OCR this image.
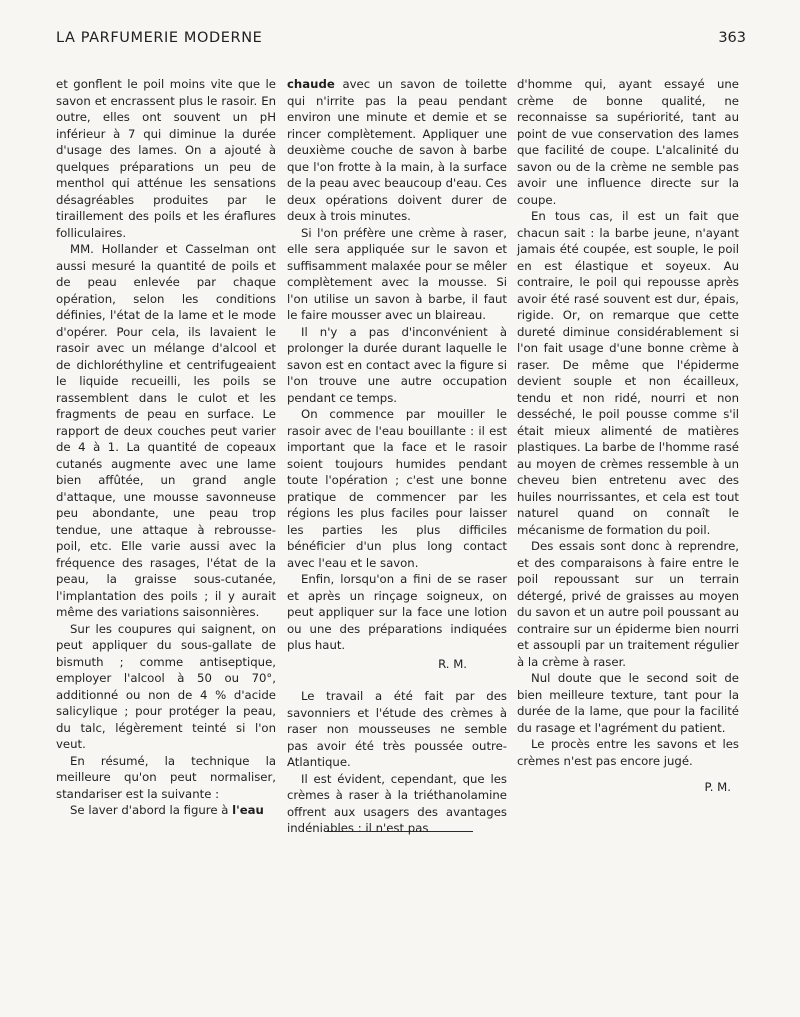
LA PARFUMERIE MODERNE	363

et gonflent le poil moins vite que le savon et encrassent plus le rasoir. En outre, elles ont souvent un pH inférieur à 7 qui diminue la durée d'usage des lames. On a ajouté à quelques préparations un peu de menthol qui atténue les sensations désagréables produites par le tiraillement des poils et les éraflures folliculaires.

MM. Hollander et Casselman ont aussi mesuré la quantité de poils et de peau enlevée par chaque opération, selon les conditions définies, l'état de la lame et le mode d'opérer. Pour cela, ils lavaient le rasoir avec un mélange d'alcool et de dichloréthyline et centrifugeaient le liquide recueilli, les poils se rassemblent dans le culot et les fragments de peau en surface. Le rapport de deux couches peut varier de 4 à 1. La quantité de copeaux cutanés augmente avec une lame bien affûtée, un grand angle d'attaque, une mousse savonneuse peu abondante, une peau trop tendue, une attaque à rebrousse-poil, etc. Elle varie aussi avec la fréquence des rasages, l'état de la peau, la graisse sous-cutanée, l'implantation des poils ; il y aurait même des variations saisonnières.

Sur les coupures qui saignent, on peut appliquer du sous-gallate de bismuth ; comme antiseptique, employer l'alcool à 50 ou 70°, additionné ou non de 4 % d'acide salicylique ; pour protéger la peau, du talc, légèrement teinté si l'on veut.

En résumé, la technique la meilleure qu'on peut normaliser, standariser est la suivante :

Se laver d'abord la figure à l'eau

chaude avec un savon de toilette qui n'irrite pas la peau pendant environ une minute et demie et se rincer complètement. Appliquer une deuxième couche de savon à barbe que l'on frotte à la main, à la surface de la peau avec beaucoup d'eau. Ces deux opérations doivent durer de deux à trois minutes.

Si l'on préfère une crème à raser, elle sera appliquée sur le savon et suffisamment malaxée pour se mêler complètement avec la mousse. Si l'on utilise un savon à barbe, il faut le faire mousser avec un blaireau.

Il n'y a pas d'inconvénient à prolonger la durée durant laquelle le savon est en contact avec la figure si l'on trouve une autre occupation pendant ce temps.

On commence par mouiller le rasoir avec de l'eau bouillante : il est important que la face et le rasoir soient toujours humides pendant toute l'opération ; c'est une bonne pratique de commencer par les régions les plus faciles pour laisser les parties les plus difficiles bénéficier d'un plus long contact avec l'eau et le savon.

Enfin, lorsqu'on a fini de se raser et après un rinçage soigneux, on peut appliquer sur la face une lotion ou une des préparations indiquées plus haut.

R. M.

Le travail a été fait par des savonniers et l'étude des crèmes à raser non mousseuses ne semble pas avoir été très poussée outre-Atlantique.

Il est évident, cependant, que les crèmes à raser à la triéthanolamine offrent aux usagers des avantages indéniables : il n'est pas

d'homme qui, ayant essayé une crème de bonne qualité, ne reconnaisse sa supériorité, tant au point de vue conservation des lames que facilité de coupe. L'alcalinité du savon ou de la crème ne semble pas avoir une influence directe sur la coupe.

En tous cas, il est un fait que chacun sait : la barbe jeune, n'ayant jamais été coupée, est souple, le poil en est élastique et soyeux. Au contraire, le poil qui repousse après avoir été rasé souvent est dur, épais, rigide. Or, on remarque que cette dureté diminue considérablement si l'on fait usage d'une bonne crème à raser. De même que l'épiderme devient souple et non écailleux, tendu et non ridé, nourri et non desséché, le poil pousse comme s'il était mieux alimenté de matières plastiques. La barbe de l'homme rasé au moyen de crèmes ressemble à un cheveu bien entretenu avec des huiles nourrissantes, et cela est tout naturel quand on connaît le mécanisme de formation du poil.

Des essais sont donc à reprendre, et des comparaisons à faire entre le poil repoussant sur un terrain détergé, privé de graisses au moyen du savon et un autre poil poussant au contraire sur un épiderme bien nourri et assoupli par un traitement régulier à la crème à raser.

Nul doute que le second soit de bien meilleure texture, tant pour la durée de la lame, que pour la facilité du rasage et l'agrément du patient.

Le procès entre les savons et les crèmes n'est pas encore jugé.

P. M.
